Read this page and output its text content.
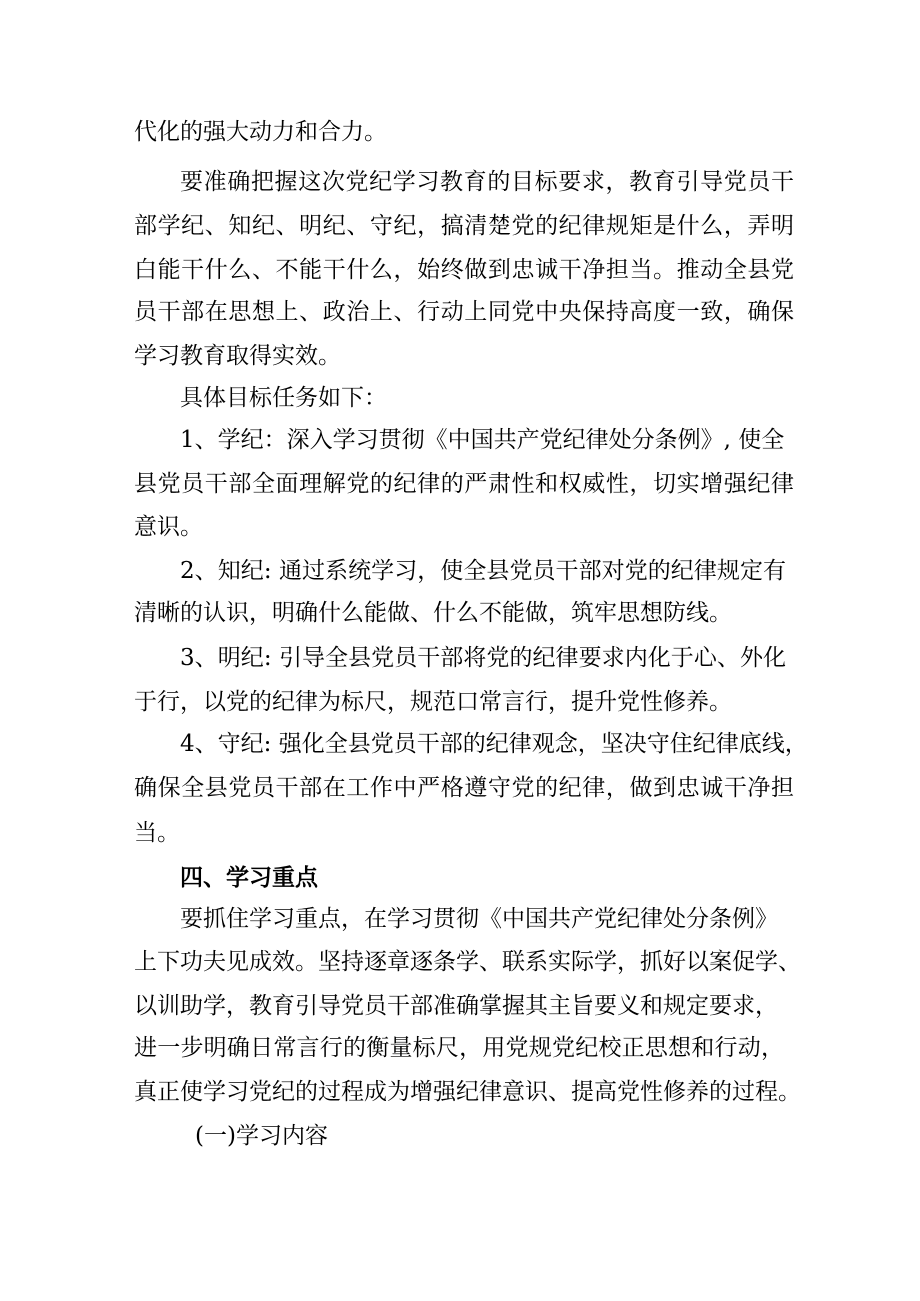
代化的强大动力和合力。
要准确把握这次党纪学习教育的目标要求，教育引导党员干
部学纪、知纪、明纪、守纪，搞清楚党的纪律规矩是什么，弄明
白能干什么、不能干什么，始终做到忠诚干净担当。推动全县党
员干部在思想上、政治上、行动上同党中央保持高度一致，确保
学习教育取得实效。
具体目标任务如下：
1、学纪：深入学习贯彻《中国共产党纪律处分条例》, 使全
县党员干部全面理解党的纪律的严肃性和权威性，切实增强纪律
意识。
2、知纪: 通过系统学习，使全县党员干部对党的纪律规定有
清晰的认识，明确什么能做、什么不能做，筑牢思想防线。
3、明纪: 引导全县党员干部将党的纪律要求内化于心、外化
于行，以党的纪律为标尺，规范口常言行，提升党性修养。
4、守纪: 强化全县党员干部的纪律观念，坚决守住纪律底线，
确保全县党员干部在工作中严格遵守党的纪律，做到忠诚干净担
当。
四、学习重点
要抓住学习重点，在学习贯彻《中国共产党纪律处分条例》
上下功夫见成效。坚持逐章逐条学、联系实际学，抓好以案促学、
以训助学，教育引导党员干部准确掌握其主旨要义和规定要求，
进一步明确日常言行的衡量标尺，用党规党纪校正思想和行动，
真正使学习党纪的过程成为增强纪律意识、提高党性修养的过程。
(一)学习内容
